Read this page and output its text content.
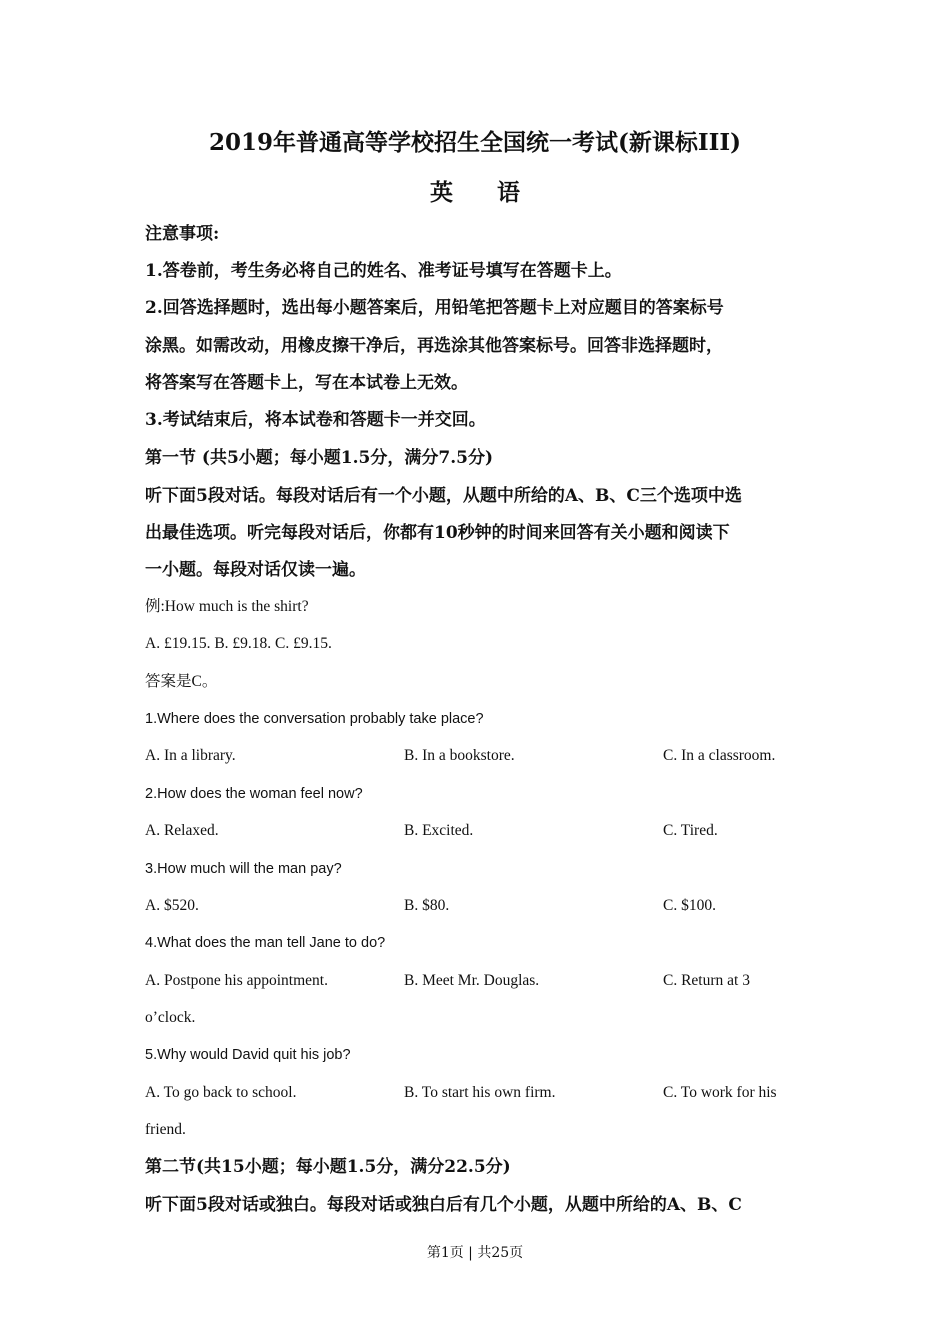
2019年普通高等学校招生全国统一考试(新课标III)
英 语
注意事项:
1.答卷前，考生务必将自己的姓名、准考证号填写在答题卡上。
2.回答选择题时，选出每小题答案后，用铅笔把答题卡上对应题目的答案标号
涂黑。如需改动，用橡皮擦干净后，再选涂其他答案标号。回答非选择题时，
将答案写在答题卡上，写在本试卷上无效。
3.考试结束后，将本试卷和答题卡一并交回。
第一节 (共5小题；每小题1.5分，满分7.5分)
听下面5段对话。每段对话后有一个小题，从题中所给的A、B、C三个选项中选
出最佳选项。听完每段对话后，你都有10秒钟的时间来回答有关小题和阅读下
一小题。每段对话仅读一遍。
例:How much is the shirt?
A. £19.15. B. £9.18. C. £9.15.
答案是C。
1.Where does the conversation probably take place?
A. In a library.	B. In a bookstore.	C. In a classroom.
2.How does the woman feel now?
A. Relaxed.	B. Excited.	C. Tired.
3.How much will the man pay?
A. $520.	B. $80.	C. $100.
4.What does the man tell Jane to do?
A. Postpone his appointment.	B. Meet Mr. Douglas.	C. Return at 3
o’clock.
5.Why would David quit his job?
A. To go back to school.	B. To start his own firm.	C. To work for his
friend.
第二节(共15小题；每小题1.5分，满分22.5分)
听下面5段对话或独白。每段对话或独白后有几个小题，从题中所给的A、B、C
第1页 | 共25页
